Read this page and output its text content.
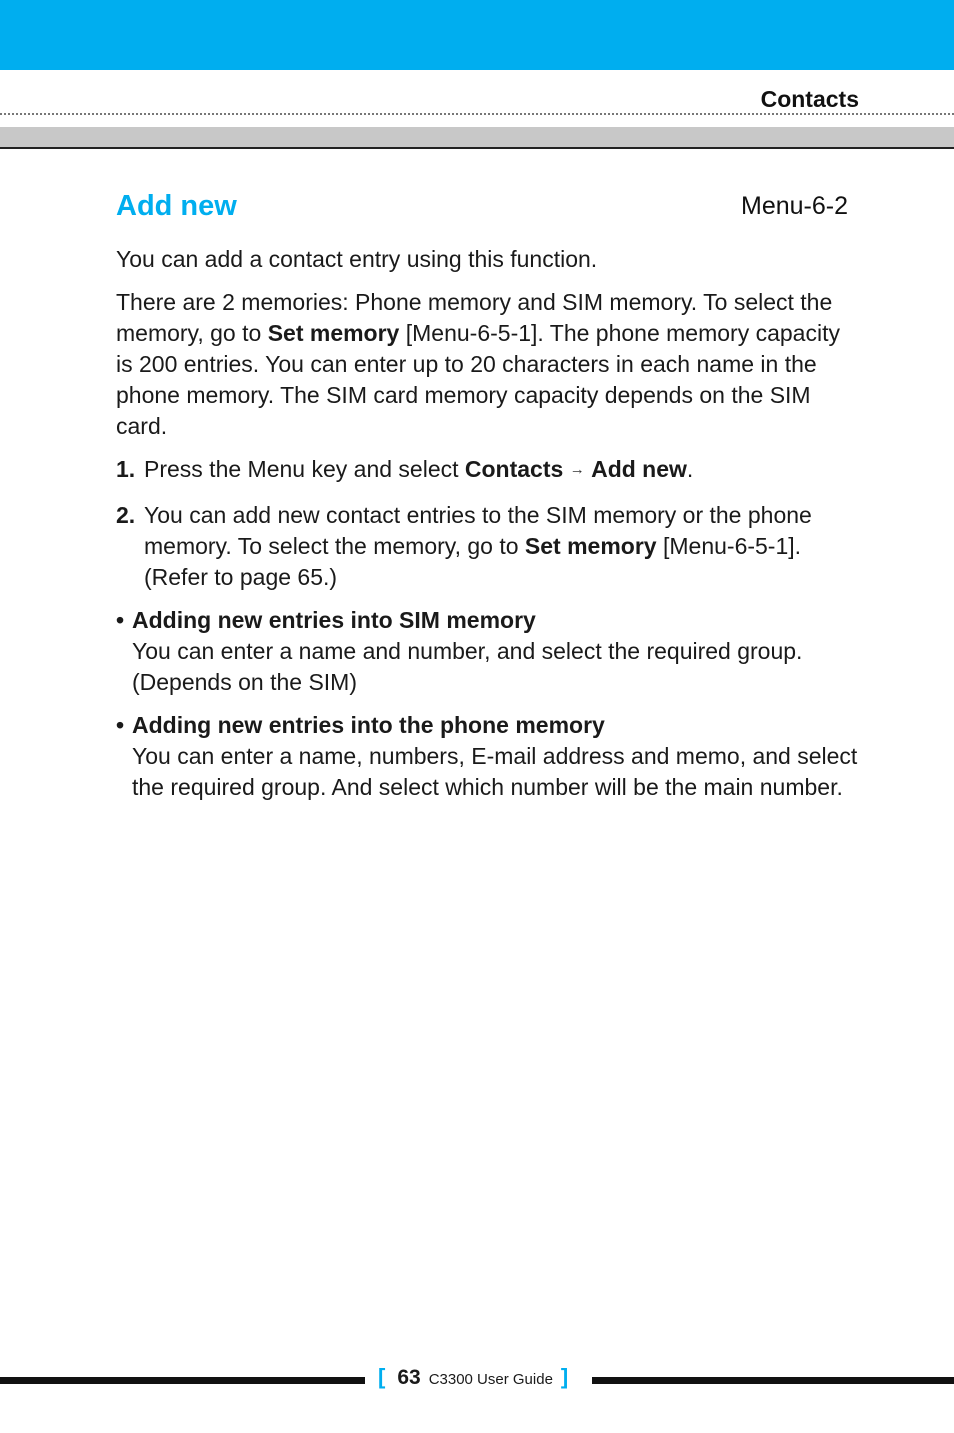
Contacts
Add new	Menu-6-2

You can add a contact entry using this function.

There are 2 memories: Phone memory and SIM memory. To select the memory, go to Set memory [Menu-6-5-1]. The phone memory capacity is 200 entries. You can enter up to 20 characters in each name in the phone memory. The SIM card memory capacity depends on the SIM card.

1. Press the Menu key and select Contacts → Add new.
2. You can add new contact entries to the SIM memory or the phone memory. To select the memory, go to Set memory [Menu-6-5-1]. (Refer to page 65.)
• Adding new entries into SIM memory
You can enter a name and number, and select the required group. (Depends on the SIM)
• Adding new entries into the phone memory
You can enter a name, numbers, E-mail address and memo, and select the required group. And select which number will be the main number.
[ 63 C3300 User Guide ]
